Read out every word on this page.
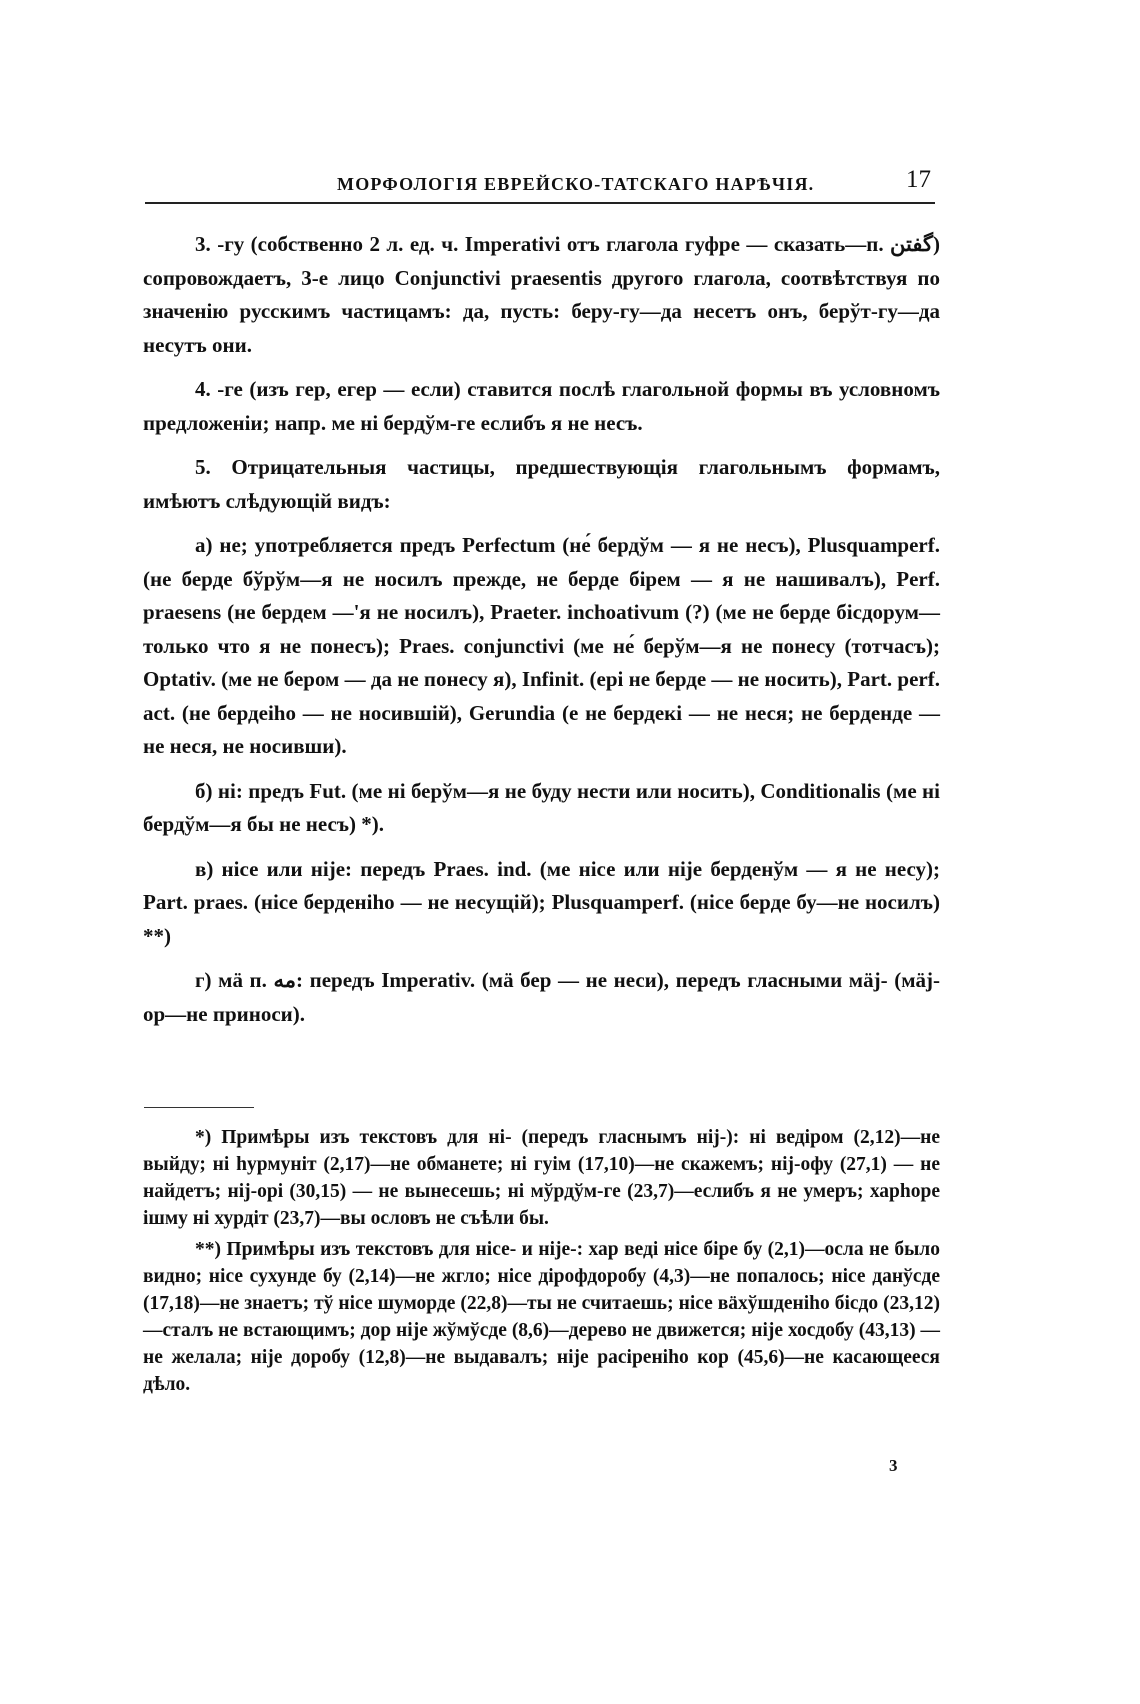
МОРФОЛОГІЯ ЕВРЕЙСКО-ТАТСКАГО НАРѢЧІЯ.	17

3. -гу (собственно 2 л. ед. ч. Imperativi отъ глагола гуфре — сказать—п. گفتن) сопровождаетъ, 3-е лицо Conjunctivi praesentis другого глагола, соотвѣтствуя по значенію русскимъ частицамъ: да, пусть: беру-гу—да несетъ онъ, берўт-гу—да несутъ они.

4. -ге (изъ гер, егер — если) ставится послѣ глагольной формы въ условномъ предложеніи; напр. ме ні бердўм-ге еслибъ я не несъ.

5. Отрицательныя частицы, предшествующія глагольнымъ формамъ, имѣютъ слѣдующій видъ:

а) не; употребляется предъ Perfectum (не́ бердўм — я не несъ), Plusquamperf. (не берде бўрўм—я не носилъ прежде, не берде бірем — я не нашивалъ), Perf. praesens (не бердем —'я не носилъ), Praeter. inchoativum (?) (ме не берде бісдорум—только что я не понесъ); Praes. conjunctivi (ме не́ берўм—я не понесу (тотчасъ); Optativ. (ме не бером — да не понесу я), Infinit. (ері не берде — не носить), Part. perf. act. (не бердеіho — не носившій), Gerundia (е не бердекі — не неся; не берденде — не неся, не носивши).

б) ні: предъ Fut. (ме ні берўм—я не буду нести или носить), Conditionalis (ме ні бердўм—я бы не несъ) *).

в) нісе или ніје: передъ Praes. ind. (ме нісе или ніје берденўм — я не несу); Part. praes. (нісе берденіho — не несущій); Plusquamperf. (нісе берде бу—не носилъ) **)

г) мä п. مه: передъ Imperativ. (мä бер — не неси), передъ гласными мäј- (мäј-ор—не приноси).

*) Примѣры изъ текстовъ для ні- (передъ гласнымъ ніј-): ні ведіром (2,12)—не выйду; ні hурмуніт (2,17)—не обманете; ні гуім (17,10)—не скажемъ; ніј-офу (27,1) — не найдетъ; ніј-орі (30,15) — не вынесешь; ні мўрдўм-ге (23,7)—еслибъ я не умеръ; харhоре ішму ні хурдіт (23,7)—вы ословъ не съѣли бы.

**) Примѣры изъ текстовъ для нісе- и ніје-: хар веді нісе біре бу (2,1)—осла не было видно; нісе сухунде бу (2,14)—не жгло; нісе дірофдоробу (4,3)—не попалось; нісе данўсде (17,18)—не знаетъ; тў нісе шуморде (22,8)—ты не считаешь; нісе вäхўшденіhо бісдо (23,12)—сталъ не встающимъ; дор ніје жўмўсде (8,6)—дерево не движется; ніје хосдобу (43,13) — не желала; ніје доробу (12,8)—не выдавалъ; ніје расіреніhо кор (45,6)—не касающееся дѣло.

3
